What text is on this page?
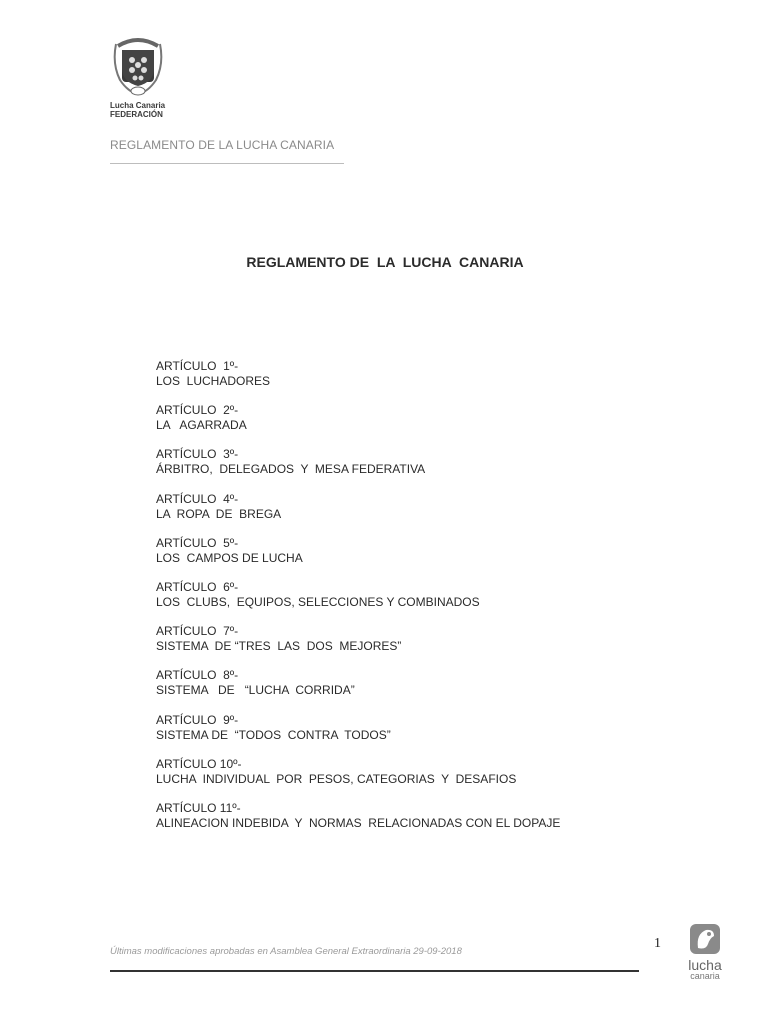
Lucha Canaria
FEDERACIÓN
REGLAMENTO DE LA LUCHA CANARIA
REGLAMENTO DE  LA  LUCHA  CANARIA
ARTÍCULO  1º-
LOS  LUCHADORES
ARTÍCULO  2º-
LA   AGARRADA
ARTÍCULO  3º-
ÁRBITRO,  DELEGADOS  Y  MESA FEDERATIVA
ARTÍCULO  4º-
LA  ROPA  DE  BREGA
ARTÍCULO  5º-
LOS  CAMPOS DE LUCHA
ARTÍCULO  6º-
LOS  CLUBS,  EQUIPOS, SELECCIONES Y COMBINADOS
ARTÍCULO  7º-
SISTEMA  DE “TRES  LAS  DOS  MEJORES”
ARTÍCULO  8º-
SISTEMA   DE   “LUCHA  CORRIDA”
ARTÍCULO  9º-
SISTEMA DE  “TODOS  CONTRA  TODOS”
ARTÍCULO 10º-
LUCHA  INDIVIDUAL  POR  PESOS, CATEGORIAS  Y  DESAFIOS
ARTÍCULO 11º-
ALINEACION INDEBIDA  Y  NORMAS  RELACIONADAS CON EL DOPAJE
Últimas modificaciones aprobadas en Asamblea General Extraordinaria 29-09-2018
1
lucha
canaria
